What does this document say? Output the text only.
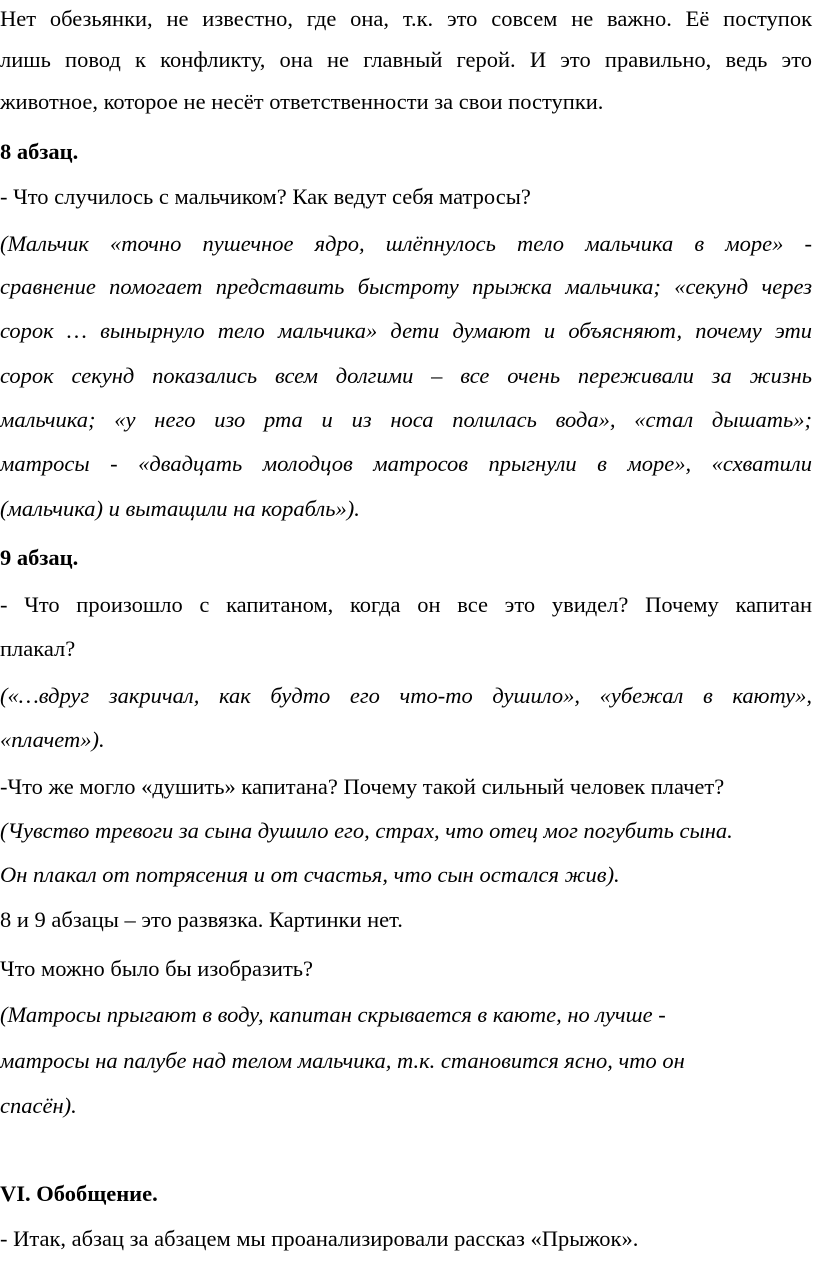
Нет обезьянки, не известно, где она, т.к. это совсем не важно. Её поступок
лишь повод к конфликту, она не главный герой. И это правильно, ведь это
животное, которое не несёт ответственности за свои поступки.
8 абзац.
- Что случилось с мальчиком? Как ведут себя матросы?
(Мальчик «точно пушечное ядро, шлёпнулось тело мальчика в море» -
сравнение помогает представить быстроту прыжка мальчика; «секунд через
сорок … вынырнуло тело мальчика» дети думают и объясняют, почему эти
сорок секунд показались всем долгими – все очень переживали за жизнь
мальчика; «у него изо рта и из носа полилась вода», «стал дышать»;
матросы - «двадцать молодцов матросов прыгнули в море», «схватили
(мальчика) и вытащили на корабль»).
9 абзац.
- Что произошло с капитаном, когда он все это увидел? Почему капитан
плакал?
(«…вдруг закричал, как будто его что-то душило», «убежал в каюту»,
«плачет»).
-Что же могло «душить» капитана? Почему такой сильный человек плачет?
(Чувство тревоги за сына душило его, страх, что отец мог погубить сына.
Он плакал от потрясения и от счастья, что сын остался жив).
8 и 9 абзацы – это развязка. Картинки нет.
Что можно было бы изобразить?
(Матросы прыгают в воду, капитан скрывается в каюте, но лучше -
матросы на палубе над телом мальчика, т.к. становится ясно, что он
спасён).
VI. Обобщение.
- Итак, абзац за абзацем мы проанализировали рассказ «Прыжок».
